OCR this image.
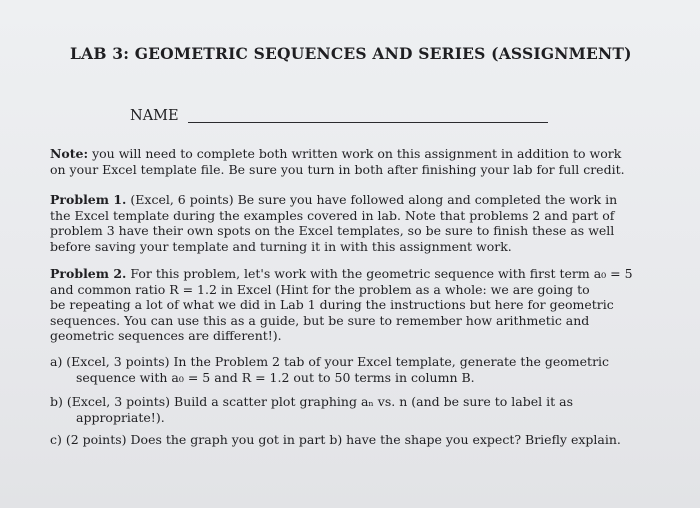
LAB 3: GEOMETRIC SEQUENCES AND SERIES (ASSIGNMENT)
NAME

Note: you will need to complete both written work on this assignment in addition to work

on your Excel template file. Be sure you turn in both after finishing your lab for full credit.

Problem 1. (Excel, 6 points) Be sure you have followed along and completed the work in

the Excel template during the examples covered in lab. Note that problems 2 and part of

problem 3 have their own spots on the Excel templates, so be sure to finish these as well

before saving your template and turning it in with this assignment work.

Problem 2. For this problem, let's work with the geometric sequence with first term a₀ = 5

and common ratio R = 1.2 in Excel (Hint for the problem as a whole: we are going to

be repeating a lot of what we did in Lab 1 during the instructions but here for geometric

sequences. You can use this as a guide, but be sure to remember how arithmetic and

geometric sequences are different!).

a) (Excel, 3 points) In the Problem 2 tab of your Excel template, generate the geometric

sequence with a₀ = 5 and R = 1.2 out to 50 terms in column B.

b) (Excel, 3 points) Build a scatter plot graphing aₙ vs. n (and be sure to label it as

appropriate!).

c) (2 points) Does the graph you got in part b) have the shape you expect? Briefly explain.
